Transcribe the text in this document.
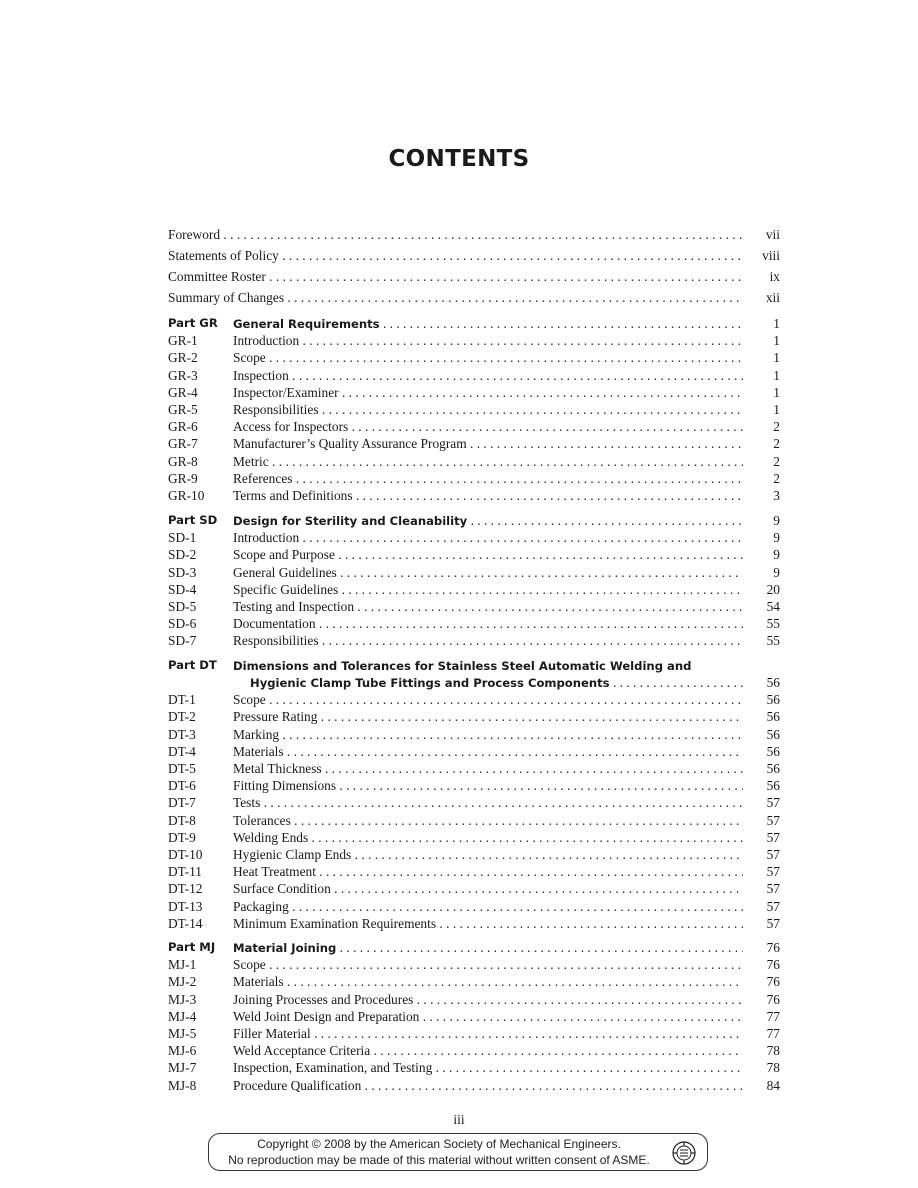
CONTENTS
Foreword . . .	vii
Statements of Policy . . .	viii
Committee Roster . . .	ix
Summary of Changes . . .	xii
Part GR General Requirements . . .	1
GR-1	Introduction . . .	1
GR-2	Scope . . .	1
GR-3	Inspection . . .	1
GR-4	Inspector/Examiner . . .	1
GR-5	Responsibilities . . .	1
GR-6	Access for Inspectors . . .	2
GR-7	Manufacturer’s Quality Assurance Program . . .	2
GR-8	Metric . . .	2
GR-9	References . . .	2
GR-10 Terms and Definitions . . .	3
Part SD Design for Sterility and Cleanability . . .	9
SD-1	Introduction . . .	9
SD-2	Scope and Purpose . . .	9
SD-3	General Guidelines . . .	9
SD-4	Specific Guidelines . . .	20
SD-5	Testing and Inspection . . .	54
SD-6	Documentation . . .	55
SD-7	Responsibilities . . .	55
Part DT Dimensions and Tolerances for Stainless Steel Automatic Welding and
Hygienic Clamp Tube Fittings and Process Components . . .	56
DT-1	Scope . . .	56
DT-2	Pressure Rating . . .	56
DT-3	Marking . . .	56
DT-4	Materials . . .	56
DT-5	Metal Thickness . . .	56
DT-6	Fitting Dimensions . . .	56
DT-7	Tests . . .	57
DT-8	Tolerances . . .	57
DT-9	Welding Ends . . .	57
DT-10 Hygienic Clamp Ends . . .	57
DT-11 Heat Treatment . . .	57
DT-12 Surface Condition . . .	57
DT-13 Packaging . . .	57
DT-14 Minimum Examination Requirements . . .	57
Part MJ Material Joining . . .	76
MJ-1	Scope . . .	76
MJ-2	Materials . . .	76
MJ-3	Joining Processes and Procedures . . .	76
MJ-4	Weld Joint Design and Preparation . . .	77
MJ-5	Filler Material . . .	77
MJ-6	Weld Acceptance Criteria . . .	78
MJ-7	Inspection, Examination, and Testing . . .	78
MJ-8	Procedure Qualification . . .	84
iii
Copyright © 2008 by the American Society of Mechanical Engineers.
No reproduction may be made of this material without written consent of ASME.
